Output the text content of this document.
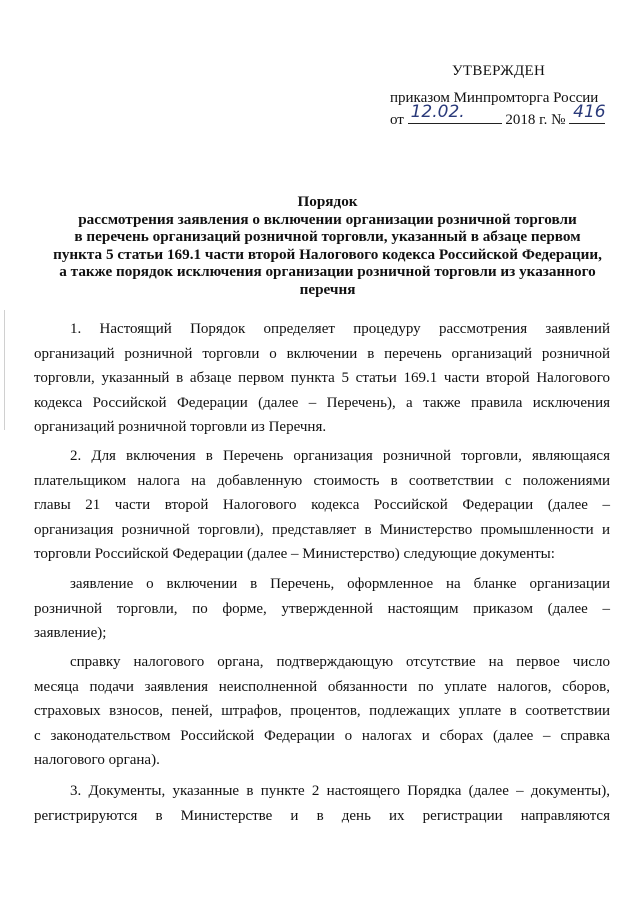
УТВЕРЖДЕН
приказом Минпромторга России
от 12.02.	2018 г. № 416
Порядок
рассмотрения заявления о включении организации розничной торговли
в перечень организаций розничной торговли, указанный в абзаце первом
пункта 5 статьи 169.1 части второй Налогового кодекса Российской Федерации,
а также порядок исключения организации розничной торговли из указанного
перечня
1. Настоящий Порядок определяет процедуру рассмотрения заявлений
организаций розничной торговли о включении в перечень организаций розничной
торговли, указанный в абзаце первом пункта 5 статьи 169.1 части второй Налогового
кодекса Российской Федерации (далее – Перечень), а также правила исключения
организаций розничной торговли из Перечня.
2. Для включения в Перечень организация розничной торговли, являющаяся
плательщиком налога на добавленную стоимость в соответствии с положениями
главы 21 части второй Налогового кодекса Российской Федерации (далее –
организация розничной торговли), представляет в Министерство промышленности и
торговли Российской Федерации (далее – Министерство) следующие документы:
заявление о включении в Перечень, оформленное на бланке организации
розничной торговли, по форме, утвержденной настоящим приказом (далее –
заявление);
справку налогового органа, подтверждающую отсутствие на первое число
месяца подачи заявления неисполненной обязанности по уплате налогов, сборов,
страховых взносов, пеней, штрафов, процентов, подлежащих уплате в соответствии
с законодательством Российской Федерации о налогах и сборах (далее – справка
налогового органа).
3. Документы, указанные в пункте 2 настоящего Порядка (далее – документы),
регистрируются в Министерстве и в день их регистрации направляются
